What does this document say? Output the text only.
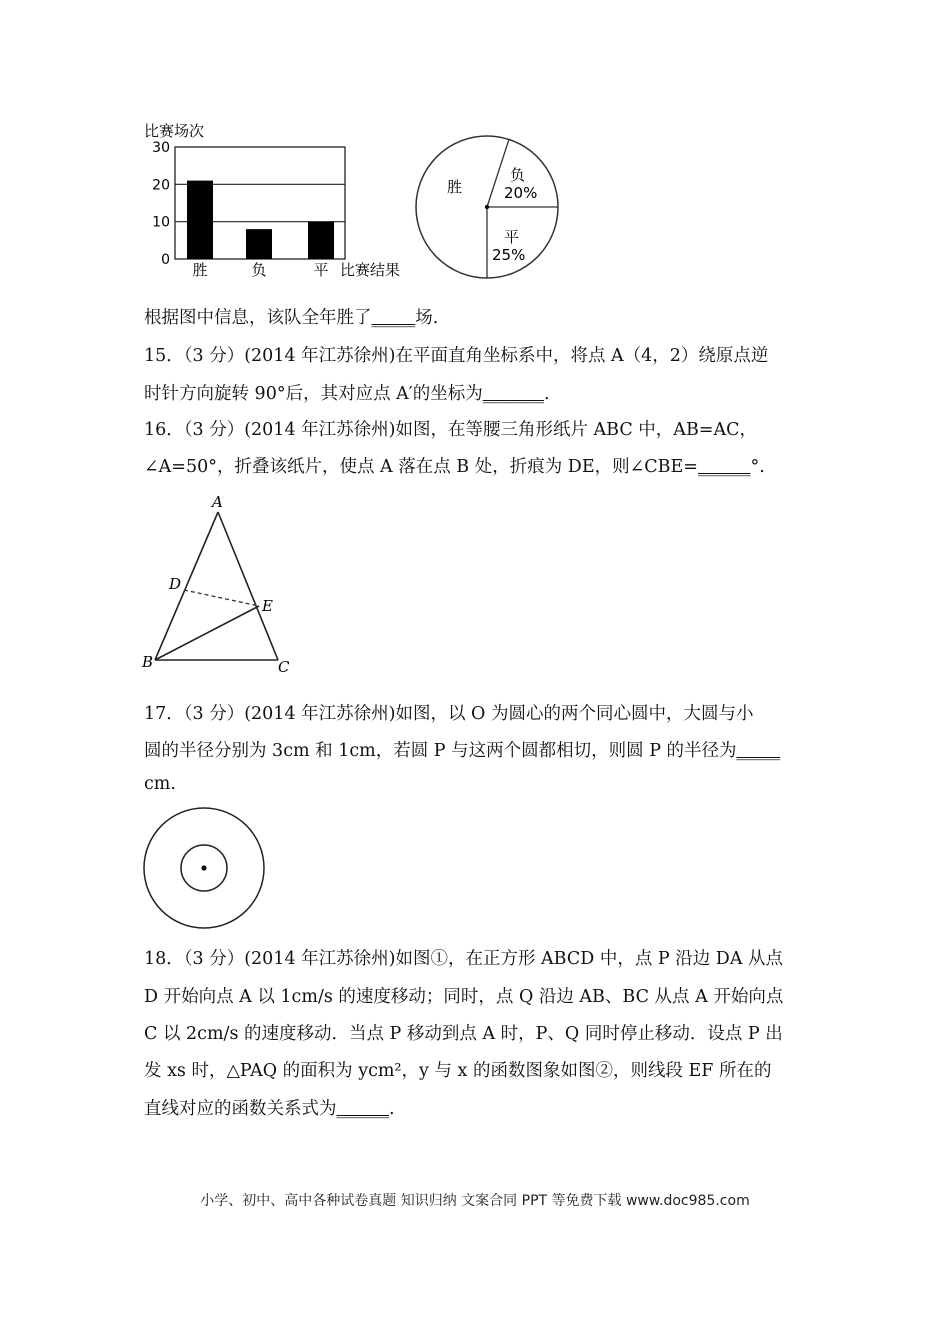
比赛场次
0
10
20
30
胜	负	平 比赛结果
胜
负
20%
平
25%
根据图中信息，该队全年胜了_____场.
15．（3 分）(2014 年江苏徐州)在平面直角坐标系中，将点 A（4，2）绕原点逆
时针方向旋转 90°后，其对应点 A′的坐标为_______.
16．（3 分）(2014 年江苏徐州)如图，在等腰三角形纸片 ABC 中，AB=AC，
∠A=50°，折叠该纸片，使点 A 落在点 B 处，折痕为 DE，则∠CBE=______°.
A
B	C
D
E
17．（3 分）(2014 年江苏徐州)如图，以 O 为圆心的两个同心圆中，大圆与小
圆的半径分别为 3cm 和 1cm，若圆 P 与这两个圆都相切，则圆 P 的半径为_____
cm.
18．（3 分）(2014 年江苏徐州)如图①，在正方形 ABCD 中，点 P 沿边 DA 从点
D 开始向点 A 以 1cm/s 的速度移动；同时，点 Q 沿边 AB、BC 从点 A 开始向点
C 以 2cm/s 的速度移动．当点 P 移动到点 A 时，P、Q 同时停止移动．设点 P 出
发 xs 时，△PAQ 的面积为 ycm²，y 与 x 的函数图象如图②，则线段 EF 所在的
直线对应的函数关系式为______.
小学、初中、高中各种试卷真题 知识归纳 文案合同 PPT 等免费下载 www.doc985.com
